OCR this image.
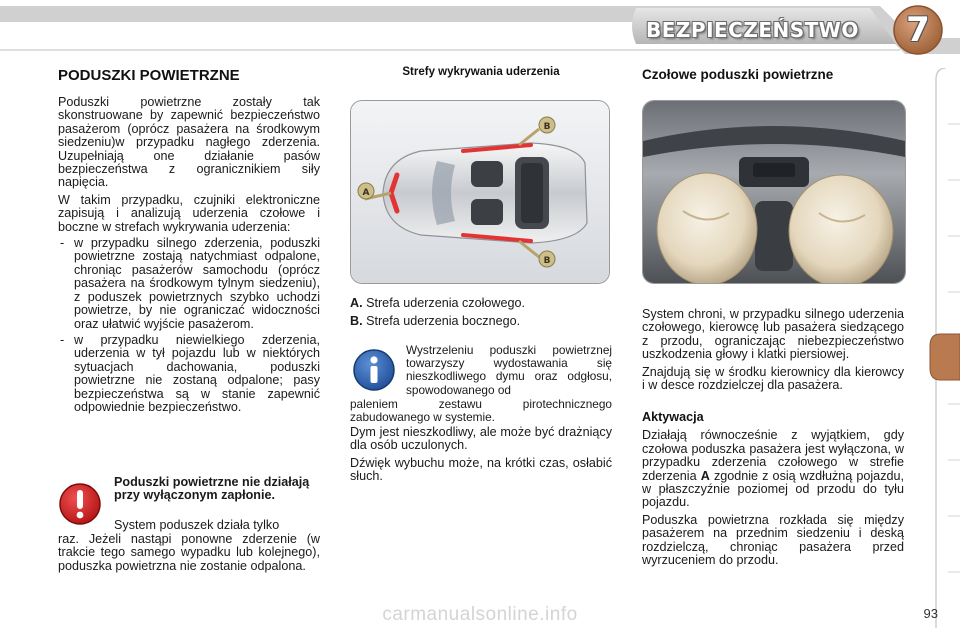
BEZPIECZEŃSTWO 7
PODUSZKI POWIETRZNE

Poduszki powietrzne zostały tak skonstruowane by zapewnić bezpieczeństwo pasażerom (oprócz pasażera na środkowym siedzeniu)w przypadku nagłego zderzenia. Uzupełniają one działanie pasów bezpieczeństwa z ogranicznikiem siły napięcia.

W takim przypadku, czujniki elektroniczne zapisują i analizują uderzenia czołowe i boczne w strefach wykrywania uderzenia:

- w przypadku silnego zderzenia, poduszki powietrzne zostają natychmiast odpalone, chroniąc pasażerów samochodu (oprócz pasażera na środkowym tylnym siedzeniu), z poduszek powietrznych szybko uchodzi powietrze, by nie ograniczać widoczności oraz ułatwić wyjście pasażerom.
- w przypadku niewielkiego zderzenia, uderzenia w tył pojazdu lub w niektórych sytuacjach dachowania, poduszki powietrzne nie zostaną odpalone; pasy bezpieczeństwa są w stanie zapewnić odpowiednie bezpieczeństwo.
Poduszki powietrzne nie działają przy wyłączonym zapłonie.
System poduszek działa tylko
raz. Jeżeli nastąpi ponowne zderzenie (w trakcie tego samego wypadku lub kolejnego), poduszka powietrzna nie zostanie odpalona.
Strefy wykrywania uderzenia
A
B
B
A. Strefa uderzenia czołowego.
B. Strefa uderzenia bocznego.
Wystrzeleniu poduszki powietrznej towarzyszy wydostawania się nieszkodliwego dymu oraz odgłosu, spowodowanego od
paleniem zestawu pirotechnicznego zabudowanego w systemie.

Dym jest nieszkodliwy, ale może być drażniący dla osób uczulonych.

Dźwięk wybuchu może, na krótki czas, osłabić słuch.

Czołowe poduszki powietrzne

System chroni, w przypadku silnego uderzenia czołowego, kierowcę lub pasażera siedzącego z przodu, ograniczając niebezpieczeństwo uszkodzenia głowy i klatki piersiowej.

Znajdują się w środku kierownicy dla kierowcy i w desce rozdzielczej dla pasażera.

Aktywacja

Działają równocześnie z wyjątkiem, gdy czołowa poduszka pasażera jest wyłączona, w przypadku zderzenia czołowego w strefie zderzenia A zgodnie z osią wzdłużną pojazdu, w płaszczyźnie poziomej od przodu do tyłu pojazdu.

Poduszka powietrzna rozkłada się między pasażerem na przednim siedzeniu i deską rozdzielczą, chroniąc pasażera przed wyrzuceniem do przodu.

carmanualsonline.info	93
